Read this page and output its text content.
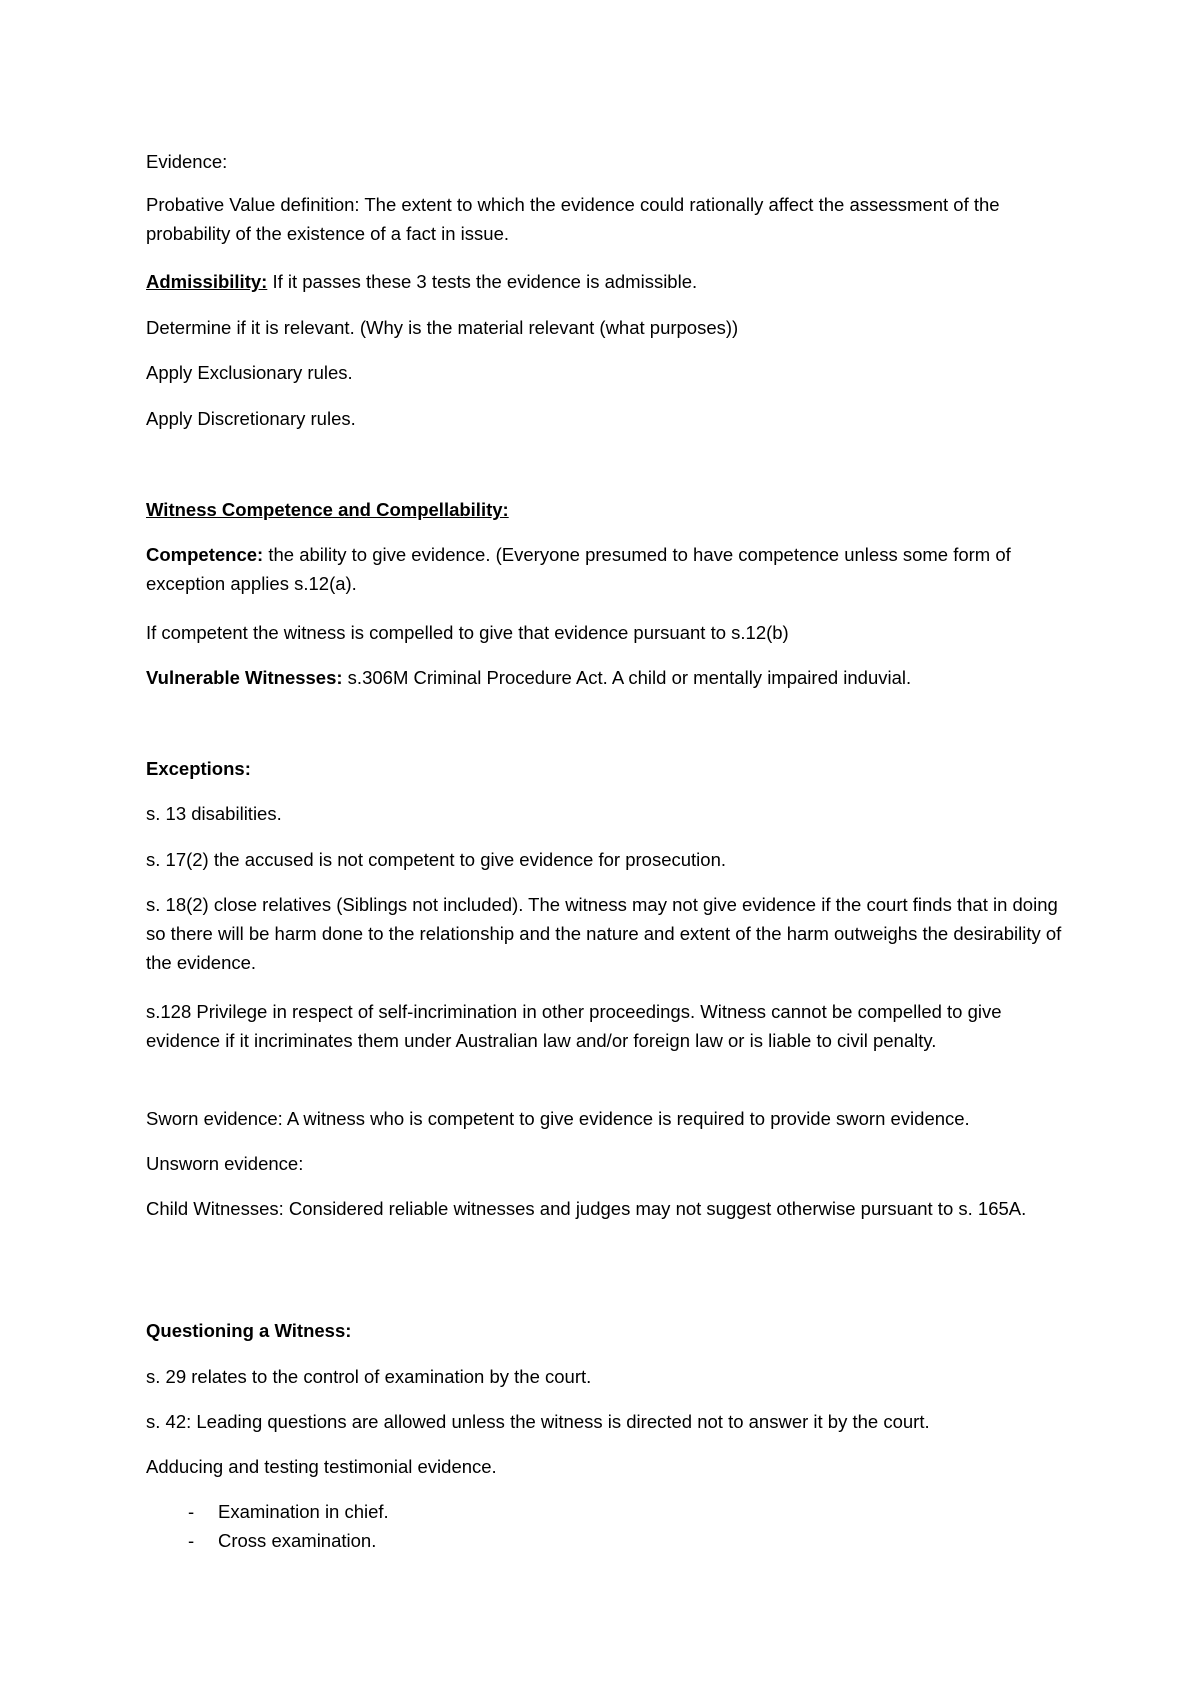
Evidence:

Probative Value definition: The extent to which the evidence could rationally affect the assessment of the probability of the existence of a fact in issue.

Admissibility: If it passes these 3 tests the evidence is admissible.

Determine if it is relevant. (Why is the material relevant (what purposes))

Apply Exclusionary rules.

Apply Discretionary rules.

Witness Competence and Compellability:

Competence: the ability to give evidence. (Everyone presumed to have competence unless some form of exception applies s.12(a).

If competent the witness is compelled to give that evidence pursuant to s.12(b)

Vulnerable Witnesses: s.306M Criminal Procedure Act. A child or mentally impaired induvial.

Exceptions:

s. 13 disabilities.

s. 17(2) the accused is not competent to give evidence for prosecution.

s. 18(2) close relatives (Siblings not included). The witness may not give evidence if the court finds that in doing so there will be harm done to the relationship and the nature and extent of the harm outweighs the desirability of the evidence.

s.128 Privilege in respect of self-incrimination in other proceedings. Witness cannot be compelled to give evidence if it incriminates them under Australian law and/or foreign law or is liable to civil penalty.

Sworn evidence: A witness who is competent to give evidence is required to provide sworn evidence.

Unsworn evidence:

Child Witnesses: Considered reliable witnesses and judges may not suggest otherwise pursuant to s. 165A.

Questioning a Witness:

s. 29 relates to the control of examination by the court.

s. 42: Leading questions are allowed unless the witness is directed not to answer it by the court.

Adducing and testing testimonial evidence.

- Examination in chief.
- Cross examination.
